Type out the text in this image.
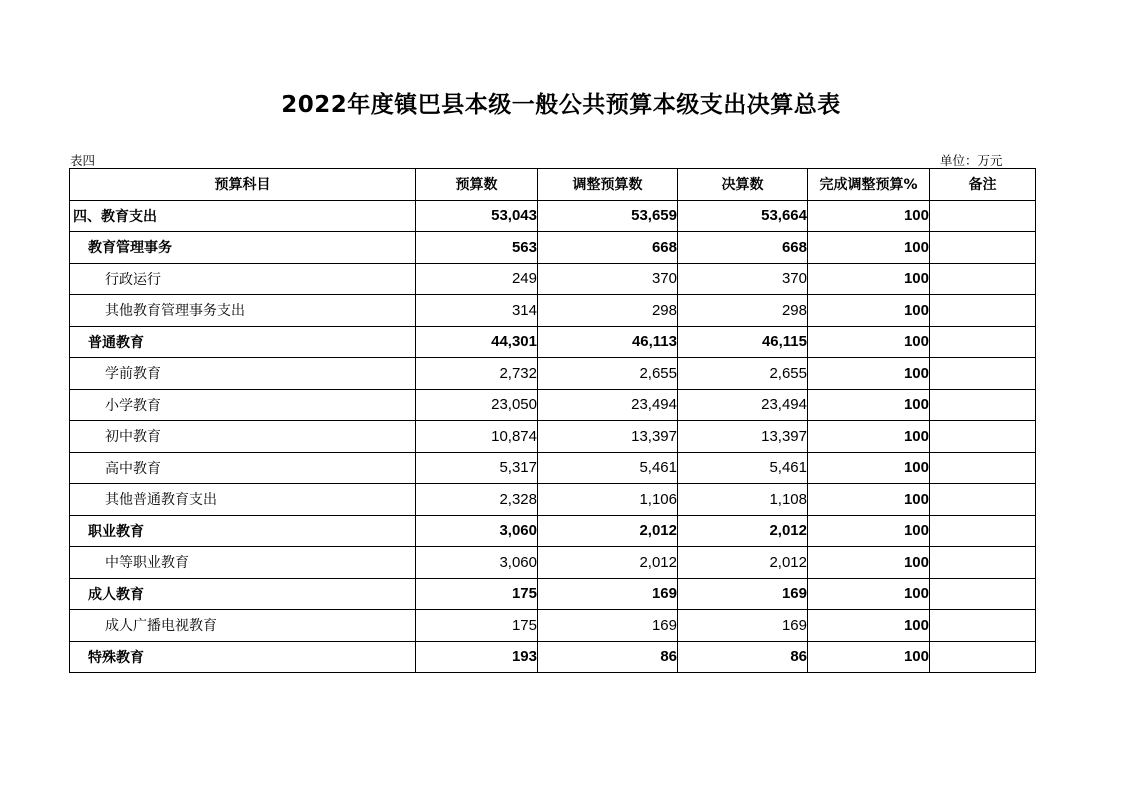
2022年度镇巴县本级一般公共预算本级支出决算总表
表四	单位：万元
预算科目	预算数	调整预算数	决算数	完成调整预算%	备注
四、教育支出	53,043	53,659	53,664	100	
教育管理事务	563	668	668	100	
行政运行	249	370	370	100	
其他教育管理事务支出	314	298	298	100	
普通教育	44,301	46,113	46,115	100	
学前教育	2,732	2,655	2,655	100	
小学教育	23,050	23,494	23,494	100	
初中教育	10,874	13,397	13,397	100	
高中教育	5,317	5,461	5,461	100	
其他普通教育支出	2,328	1,106	1,108	100	
职业教育	3,060	2,012	2,012	100	
中等职业教育	3,060	2,012	2,012	100	
成人教育	175	169	169	100	
成人广播电视教育	175	169	169	100	
特殊教育	193	86	86	100	
